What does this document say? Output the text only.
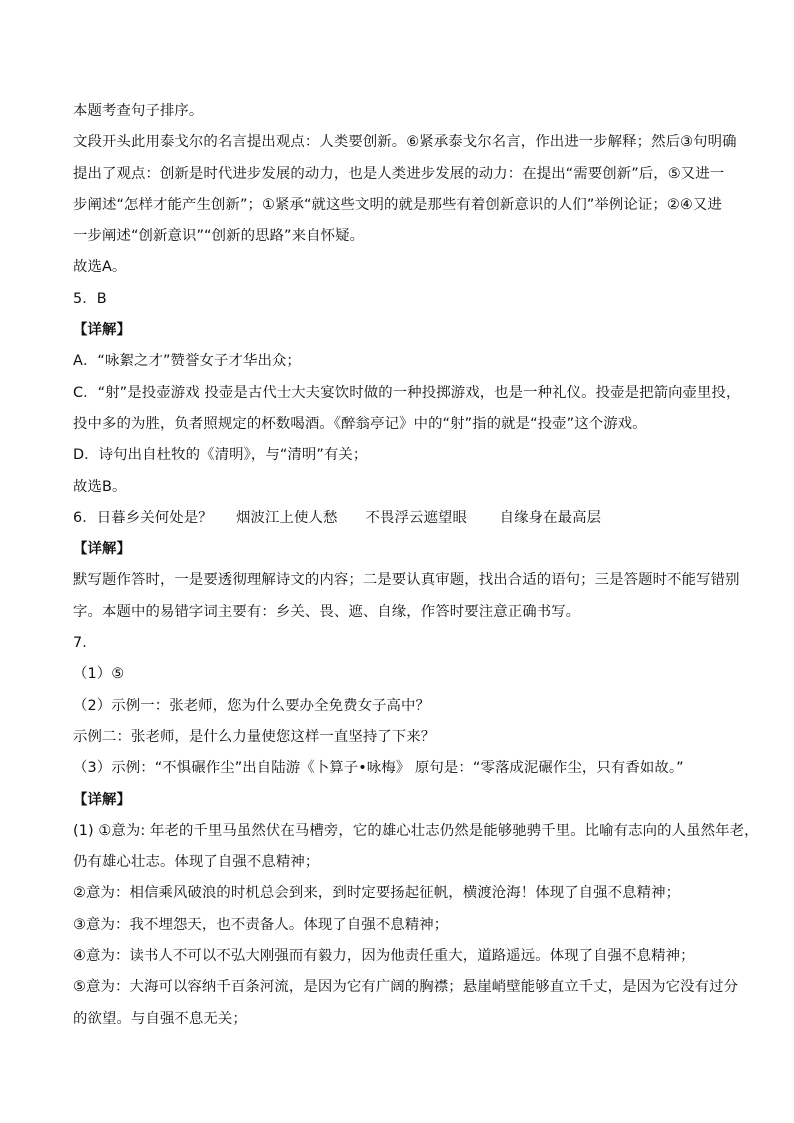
本题考查句子排序。
文段开头此用泰戈尔的名言提出观点：人类要创新。⑥紧承泰戈尔名言，作出进一步解释；然后③句明确
提出了观点：创新是时代进步发展的动力，也是人类进步发展的动力：在提出“需要创新”后，⑤又进一
步阐述“怎样才能产生创新”；①紧承“就这些文明的就是那些有着创新意识的人们”举例论证；②④又进
一步阐述“创新意识”“创新的思路”来自怀疑。
故选A。
5．B
【详解】
A．“咏絮之才”赞誉女子才华出众；
C．“射”是投壶游戏 投壶是古代士大夫宴饮时做的一种投掷游戏，也是一种礼仪。投壶是把箭向壶里投，
投中多的为胜，负者照规定的杯数喝酒。《醉翁亭记》中的“射”指的就是“投壶”这个游戏。
D．诗句出自杜牧的《清明》，与“清明”有关；
故选B。
6．日暮乡关何处是？     烟波江上使人愁      不畏浮云遮望眼       自缘身在最高层
【详解】
默写题作答时，一是要透彻理解诗文的内容；二是要认真审题，找出合适的语句；三是答题时不能写错别
字。本题中的易错字词主要有：乡关、畏、遮、自缘，作答时要注意正确书写。
7．
（1）⑤
（2）示例一：张老师，您为什么要办全免费女子高中？
示例二：张老师，是什么力量使您这样一直坚持了下来？
（3）示例：“不惧碾作尘”出自陆游《卜算子•咏梅》 原句是：“零落成泥碾作尘，只有香如故。”
【详解】
(1) ①意为: 年老的千里马虽然伏在马槽旁，它的雄心壮志仍然是能够驰骋千里。比喻有志向的人虽然年老，
仍有雄心壮志。体现了自强不息精神；
②意为：相信乘风破浪的时机总会到来，到时定要扬起征帆，横渡沧海！体现了自强不息精神；
③意为：我不埋怨天，也不责备人。体现了自强不息精神；
④意为：读书人不可以不弘大刚强而有毅力，因为他责任重大，道路遥远。体现了自强不息精神；
⑤意为：大海可以容纳千百条河流，是因为它有广阔的胸襟；悬崖峭壁能够直立千丈，是因为它没有过分
的欲望。与自强不息无关；
